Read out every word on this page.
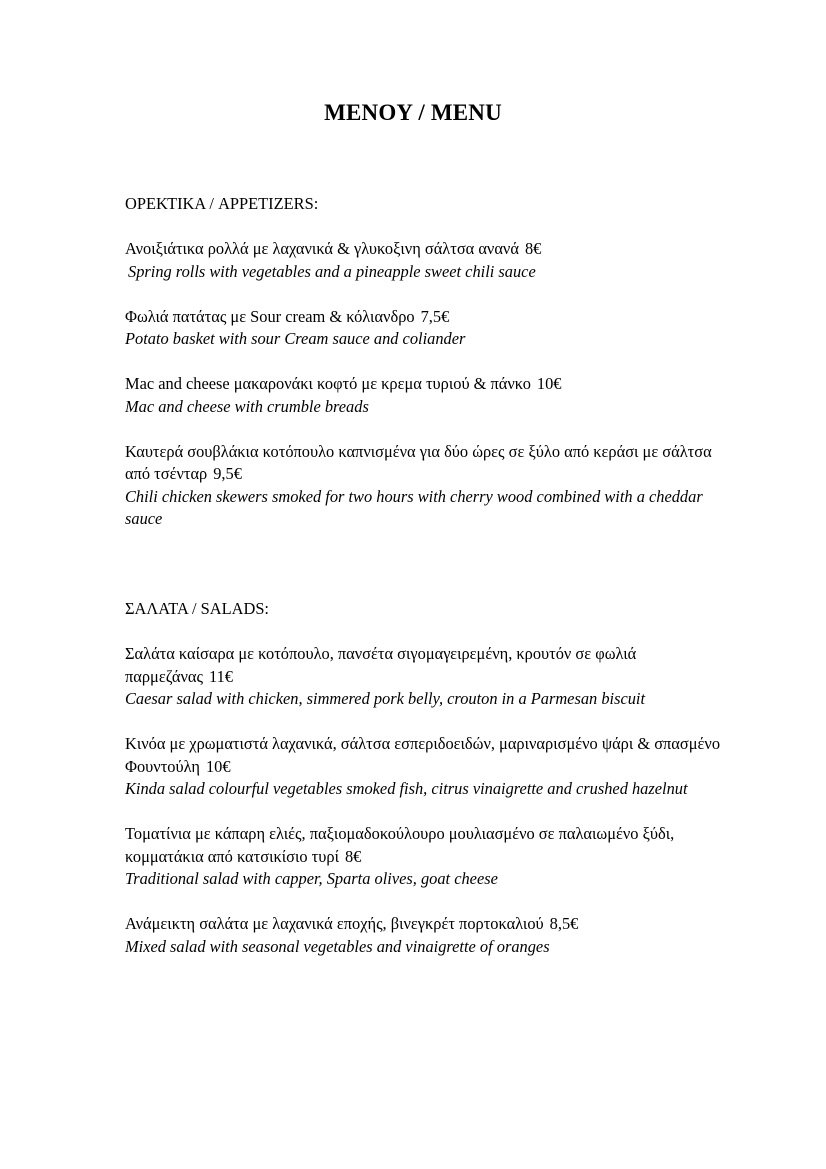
MENOY / MENU

ΟΡΕΚΤΙΚΑ / APPETIZERS:

Ανοιξιάτικα ρολλά με λαχανικά & γλυκοξινη σάλτσα ανανά 8€
Spring rolls with vegetables and a pineapple sweet chili sauce
Φωλιά πατάτας με Sour cream & κόλιανδρο 7,5€
Potato basket with sour Cream sauce and coliander
Mac and cheese μακαρονάκι κοφτό με κρεμα τυριού & πάνκο 10€
Mac and cheese with crumble breads
Καυτερά σουβλάκια κοτόπουλο καπνισμένα για δύο ώρες σε ξύλο από κεράσι με σάλτσα από τσένταρ 9,5€
Chili chicken skewers smoked for two hours with cherry wood combined with a cheddar sauce

ΣΑΛΑΤΑ / SALADS:

Σαλάτα καίσαρα με κοτόπουλο, πανσέτα σιγομαγειρεμένη, κρουτόν σε φωλιά παρμεζάνας 11€
Caesar salad with chicken, simmered pork belly, crouton in a Parmesan biscuit
Κινόα με χρωματιστά λαχανικά, σάλτσα εσπεριδοειδών, μαριναρισμένο ψάρι & σπασμένο Φουντούλη 10€
Kinda salad colourful vegetables smoked fish, citrus vinaigrette and crushed hazelnut
Τοματίνια με κάπαρη ελιές, παξιομαδοκούλουρο μουλιασμένο σε παλαιωμένο ξύδι, κομματάκια από κατσικίσιο τυρί 8€
Traditional salad with capper, Sparta olives, goat cheese
Ανάμεικτη σαλάτα με λαχανικά εποχής, βινεγκρέτ πορτοκαλιού 8,5€
Mixed salad with seasonal vegetables and vinaigrette of oranges
